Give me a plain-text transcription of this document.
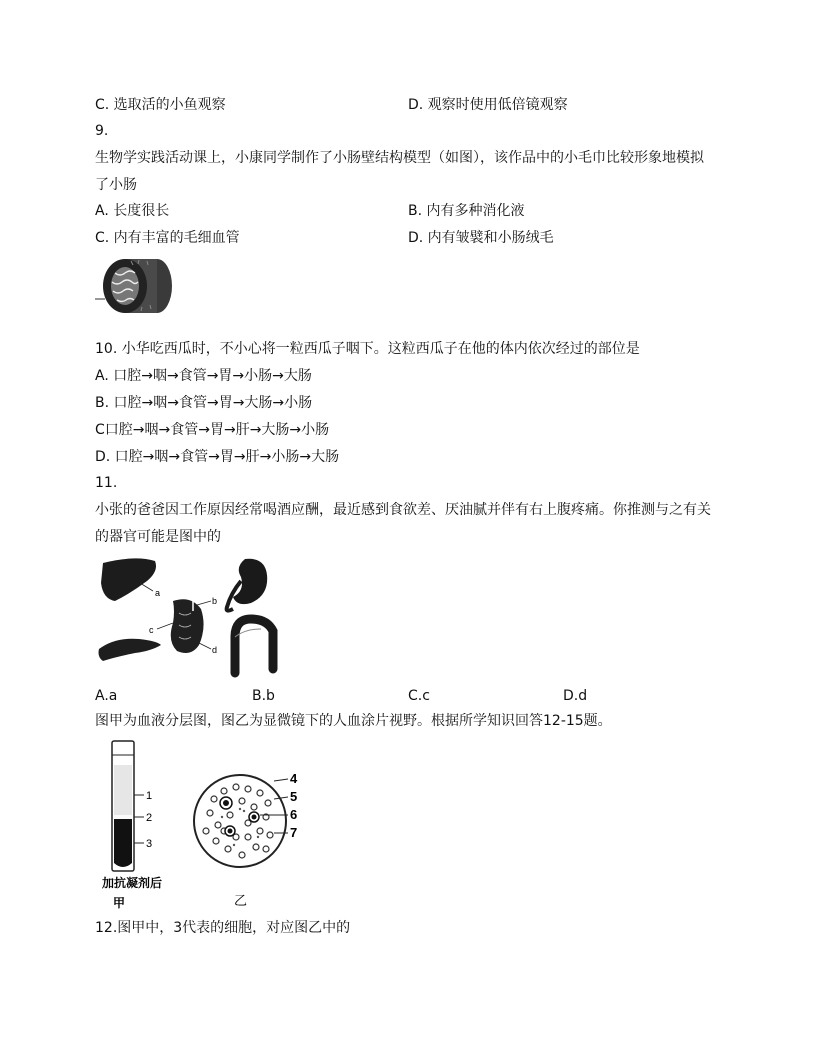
C. 选取活的小鱼观察	D. 观察时使用低倍镜观察
9.
生物学实践活动课上，小康同学制作了小肠壁结构模型（如图），该作品中的小毛巾比较形象地模拟
了小肠
A. 长度很长	B. 内有多种消化液
C. 内有丰富的毛细血管	D. 内有皱襞和小肠绒毛
10. 小华吃西瓜时，不小心将一粒西瓜子咽下。这粒西瓜子在他的体内依次经过的部位是
A. 口腔→咽→食管→胃→小肠→大肠
B. 口腔→咽→食管→胃→大肠→小肠
C口腔→咽→食管→胃→肝→大肠→小肠
D. 口腔→咽→食管→胃→肝→小肠→大肠
11.
小张的爸爸因工作原因经常喝酒应酬，最近感到食欲差、厌油腻并伴有右上腹疼痛。你推测与之有关
的器官可能是图中的
a
b
c
d
A.a	B.b	C.c	D.d
图甲为血液分层图，图乙为显微镜下的人血涂片视野。根据所学知识回答12-15题。
1
2
3
加抗凝剂后
甲
4
5
6
7
乙
12.图甲中，3代表的细胞，对应图乙中的
